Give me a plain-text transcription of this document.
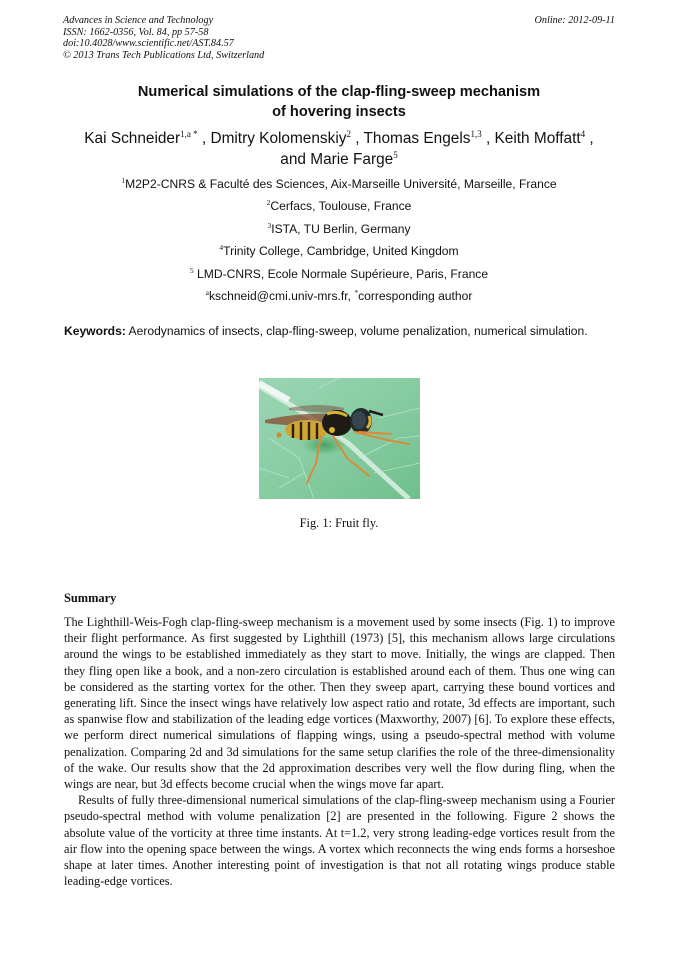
Advances in Science and Technology
ISSN: 1662-0356, Vol. 84, pp 57-58
doi:10.4028/www.scientific.net/AST.84.57
© 2013 Trans Tech Publications Ltd, Switzerland
Online: 2012-09-11
Numerical simulations of the clap-fling-sweep mechanism
of hovering insects
Kai Schneider$^{1,a *}$ , Dmitry Kolomenskiy$^2$ , Thomas Engels$^{1,3}$ , Keith Moffatt$^4$ ,
and Marie Farge$^5$
$^1$M2P2-CNRS & Faculté des Sciences, Aix-Marseille Université, Marseille, France
$^2$Cerfacs, Toulouse, France
$^3$ISTA, TU Berlin, Germany
$^4$Trinity College, Cambridge, United Kingdom
$^5$ LMD-CNRS, Ecole Normale Supérieure, Paris, France
$^a$kschneid@cmi.univ-mrs.fr, *corresponding author
Keywords: Aerodynamics of insects, clap-fling-sweep, volume penalization, numerical simulation.
Fig. 1: Fruit fly.
Summary

The Lighthill-Weis-Fogh clap-fling-sweep mechanism is a movement used by some insects (Fig. 1) to improve their flight performance. As first suggested by Lighthill (1973) [5], this mechanism allows large circulations around the wings to be established immediately as they start to move. Initially, the wings are clapped. Then they fling open like a book, and a non-zero circulation is established around each of them. Thus one wing can be considered as the starting vortex for the other. Then they sweep apart, carrying these bound vortices and generating lift. Since the insect wings have relatively low aspect ratio and rotate, 3d effects are important, such as spanwise flow and stabilization of the leading edge vortices (Maxworthy, 2007) [6]. To explore these effects, we perform direct numerical simulations of flapping wings, using a pseudo-spectral method with volume penalization. Comparing 2d and 3d simulations for the same setup clarifies the role of the three-dimensionality of the wake. Our results show that the 2d approximation describes very well the flow during fling, when the wings are near, but 3d effects become crucial when the wings move far apart.

Results of fully three-dimensional numerical simulations of the clap-fling-sweep mechanism using a Fourier pseudo-spectral method with volume penalization [2] are presented in the following. Figure 2 shows the absolute value of the vorticity at three time instants. At t=1.2, very strong leading-edge vortices result from the air flow into the opening space between the wings. A vortex which reconnects the wing ends forms a horseshoe shape at later times. Another interesting point of investigation is that not all rotating wings produce stable leading-edge vortices.
